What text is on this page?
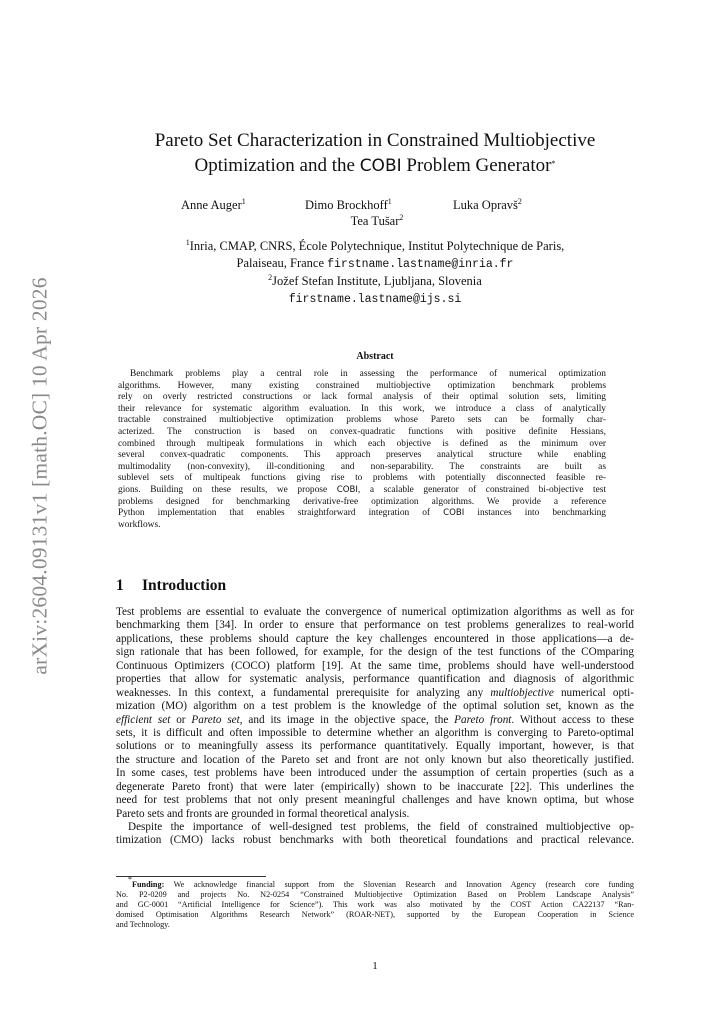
arXiv:2604.09131v1 [math.OC] 10 Apr 2026
Pareto Set Characterization in Constrained Multiobjective
Optimization and the COBI Problem Generator*
Anne Auger$^1$	Dimo Brockhoff$^1$	Luka Opravš$^2$
Tea Tušar$^2$
$^1$Inria, CMAP, CNRS, École Polytechnique, Institut Polytechnique de Paris,
Palaiseau, France firstname.lastname@inria.fr
$^2$Jožef Stefan Institute, Ljubljana, Slovenia
firstname.lastname@ijs.si
Abstract
Benchmark problems play a central role in assessing the performance of numerical optimization
algorithms. However, many existing constrained multiobjective optimization benchmark problems
rely on overly restricted constructions or lack formal analysis of their optimal solution sets, limiting
their relevance for systematic algorithm evaluation. In this work, we introduce a class of analytically
tractable constrained multiobjective optimization problems whose Pareto sets can be formally char-
acterized. The construction is based on convex-quadratic functions with positive definite Hessians,
combined through multipeak formulations in which each objective is defined as the minimum over
several convex-quadratic components. This approach preserves analytical structure while enabling
multimodality (non-convexity), ill-conditioning and non-separability. The constraints are built as
sublevel sets of multipeak functions giving rise to problems with potentially disconnected feasible re-
gions. Building on these results, we propose COBI, a scalable generator of constrained bi-objective test
problems designed for benchmarking derivative-free optimization algorithms. We provide a reference
Python implementation that enables straightforward integration of COBI instances into benchmarking
workflows.
1 Introduction
Test problems are essential to evaluate the convergence of numerical optimization algorithms as well as for
benchmarking them [34]. In order to ensure that performance on test problems generalizes to real-world
applications, these problems should capture the key challenges encountered in those applications—a de-
sign rationale that has been followed, for example, for the design of the test functions of the COmparing
Continuous Optimizers (COCO) platform [19]. At the same time, problems should have well-understood
properties that allow for systematic analysis, performance quantification and diagnosis of algorithmic
weaknesses. In this context, a fundamental prerequisite for analyzing any multiobjective numerical opti-
mization (MO) algorithm on a test problem is the knowledge of the optimal solution set, known as the
efficient set or Pareto set, and its image in the objective space, the Pareto front. Without access to these
sets, it is difficult and often impossible to determine whether an algorithm is converging to Pareto-optimal
solutions or to meaningfully assess its performance quantitatively. Equally important, however, is that
the structure and location of the Pareto set and front are not only known but also theoretically justified.
In some cases, test problems have been introduced under the assumption of certain properties (such as a
degenerate Pareto front) that were later (empirically) shown to be inaccurate [22]. This underlines the
need for test problems that not only present meaningful challenges and have known optima, but whose
Pareto sets and fronts are grounded in formal theoretical analysis.
Despite the importance of well-designed test problems, the field of constrained multiobjective op-
timization (CMO) lacks robust benchmarks with both theoretical foundations and practical relevance.
*Funding: We acknowledge financial support from the Slovenian Research and Innovation Agency (research core funding
No. P2-0209 and projects No. N2-0254 “Constrained Multiobjective Optimization Based on Problem Landscape Analysis”
and GC-0001 “Artificial Intelligence for Science”). This work was also motivated by the COST Action CA22137 “Ran-
domised Optimisation Algorithms Research Network” (ROAR-NET), supported by the European Cooperation in Science
and Technology.
1
